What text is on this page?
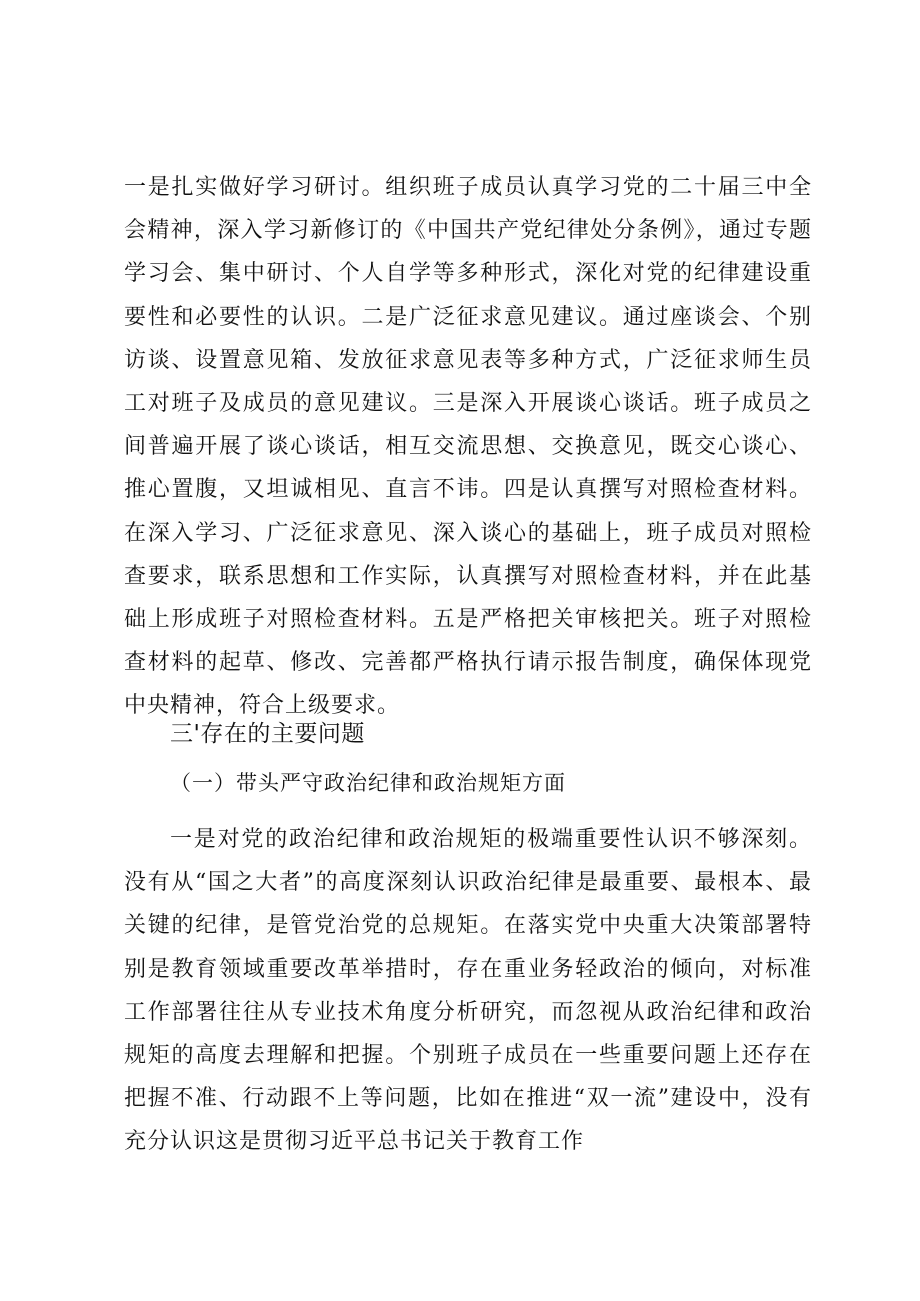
一是扎实做好学习研讨。组织班子成员认真学习党的二十届三中全会精神，深入学习新修订的《中国共产党纪律处分条例》，通过专题学习会、集中研讨、个人自学等多种形式，深化对党的纪律建设重要性和必要性的认识。二是广泛征求意见建议。通过座谈会、个别访谈、设置意见箱、发放征求意见表等多种方式，广泛征求师生员工对班子及成员的意见建议。三是深入开展谈心谈话。班子成员之间普遍开展了谈心谈话，相互交流思想、交换意见，既交心谈心、推心置腹，又坦诚相见、直言不讳。四是认真撰写对照检查材料。在深入学习、广泛征求意见、深入谈心的基础上，班子成员对照检查要求，联系思想和工作实际，认真撰写对照检查材料，并在此基础上形成班子对照检查材料。五是严格把关审核把关。班子对照检查材料的起草、修改、完善都严格执行请示报告制度，确保体现党中央精神，符合上级要求。
三'存在的主要问题
（一）带头严守政治纪律和政治规矩方面
一是对党的政治纪律和政治规矩的极端重要性认识不够深刻。没有从“国之大者”的高度深刻认识政治纪律是最重要、最根本、最关键的纪律，是管党治党的总规矩。在落实党中央重大决策部署特别是教育领域重要改革举措时，存在重业务轻政治的倾向，对标准工作部署往往从专业技术角度分析研究，而忽视从政治纪律和政治规矩的高度去理解和把握。个别班子成员在一些重要问题上还存在把握不准、行动跟不上等问题，比如在推进“双一流”建设中，没有充分认识这是贯彻习近平总书记关于教育工作
